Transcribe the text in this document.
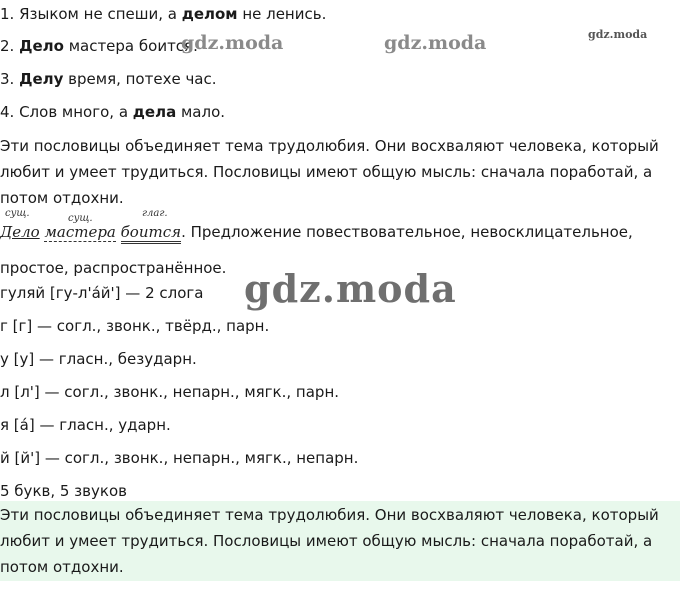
1. Языком не спеши, а делом не ленись.
2. Дело мастера боится.
3. Делу время, потехе час.
4. Слов много, а дела мало.
Эти пословицы объединяет тема трудолюбия. Они восхваляют человека, который любит и умеет трудиться. Пословицы имеют общую мысль: сначала поработай, а потом отдохни.
сущ.	сущ.	глаг.
Дело мастера боится. Предложение повествовательное, невосклицательное,
простое, распространённое.
гуляй [гу-л'а́й'] — 2 слога
г [г] — согл., звонк., твёрд., парн.
у [у] — гласн., безударн.
л [л'] — согл., звонк., непарн., мягк., парн.
я [а́] — гласн., ударн.
й [й'] — согл., звонк., непарн., мягк., непарн.
5 букв, 5 звуков
Эти пословицы объединяет тема трудолюбия. Они восхваляют человека, который любит и умеет трудиться. Пословицы имеют общую мысль: сначала поработай, а потом отдохни.
gdz.moda	gdz.moda	gdz.moda
gdz.moda
